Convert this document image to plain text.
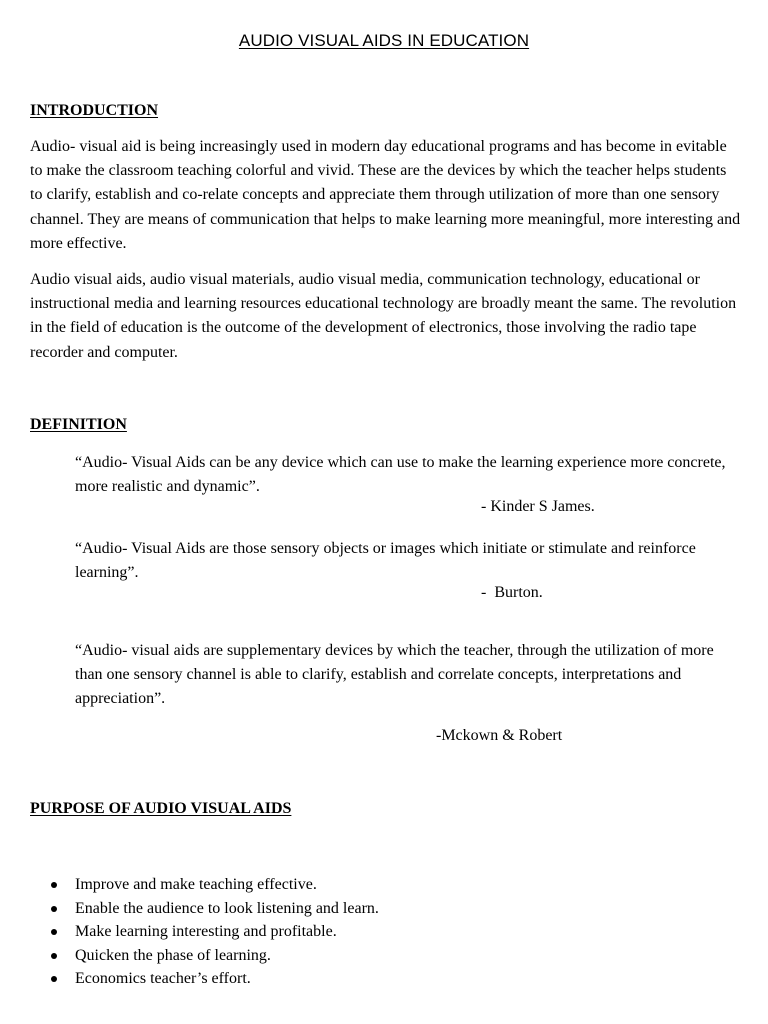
AUDIO VISUAL AIDS IN EDUCATION
INTRODUCTION
Audio- visual aid is being increasingly used in modern day educational programs and has become in evitable to make the classroom teaching colorful and vivid. These are the devices by which the teacher helps students to clarify, establish and co-relate concepts and appreciate them through utilization of more than one sensory channel. They are means of communication that helps to make learning more meaningful, more interesting and more effective.
Audio visual aids, audio visual materials, audio visual media, communication technology, educational or instructional media and learning resources educational technology are broadly meant the same. The revolution in the field of education is the outcome of the development of electronics, those involving the radio tape recorder and computer.
DEFINITION
“Audio- Visual Aids can be any device which can use to make the learning experience more concrete, more realistic and dynamic”.
- Kinder S James.
“Audio- Visual Aids are those sensory objects or images which initiate or stimulate and reinforce learning”.
-  Burton.
“Audio- visual aids are supplementary devices by which the teacher, through the utilization of more than one sensory channel is able to clarify, establish and correlate concepts, interpretations and appreciation”.
-Mckown & Robert
PURPOSE OF AUDIO VISUAL AIDS
Improve and make teaching effective.
Enable the audience to look listening and learn.
Make learning interesting and profitable.
Quicken the phase of learning.
Economics teacher’s effort.
